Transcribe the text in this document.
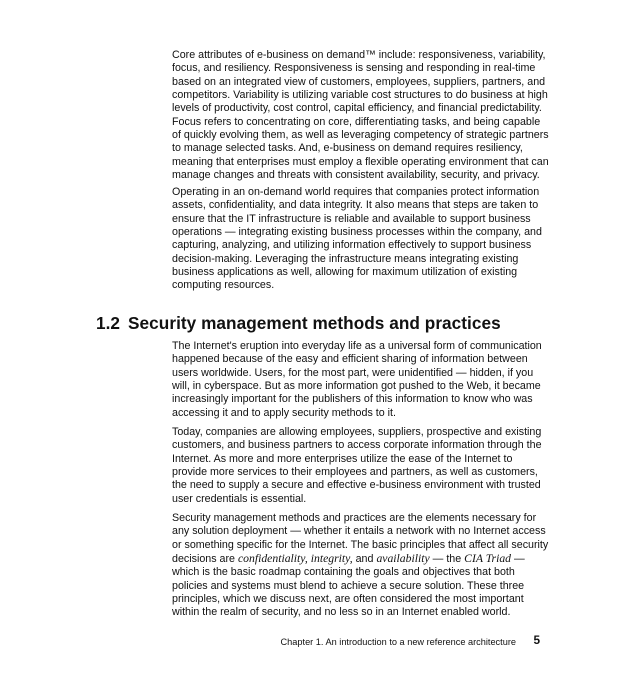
Core attributes of e-business on demand™ include: responsiveness, variability, focus, and resiliency. Responsiveness is sensing and responding in real-time based on an integrated view of customers, employees, suppliers, partners, and competitors. Variability is utilizing variable cost structures to do business at high levels of productivity, cost control, capital efficiency, and financial predictability. Focus refers to concentrating on core, differentiating tasks, and being capable of quickly evolving them, as well as leveraging competency of strategic partners to manage selected tasks. And, e-business on demand requires resiliency, meaning that enterprises must employ a flexible operating environment that can manage changes and threats with consistent availability, security, and privacy.

Operating in an on-demand world requires that companies protect information assets, confidentiality, and data integrity. It also means that steps are taken to ensure that the IT infrastructure is reliable and available to support business operations — integrating existing business processes within the company, and capturing, analyzing, and utilizing information effectively to support business decision-making. Leveraging the infrastructure means integrating existing business applications as well, allowing for maximum utilization of existing computing resources.

1.2 Security management methods and practices

The Internet's eruption into everyday life as a universal form of communication happened because of the easy and efficient sharing of information between users worldwide. Users, for the most part, were unidentified — hidden, if you will, in cyberspace. But as more information got pushed to the Web, it became increasingly important for the publishers of this information to know who was accessing it and to apply security methods to it.

Today, companies are allowing employees, suppliers, prospective and existing customers, and business partners to access corporate information through the Internet. As more and more enterprises utilize the ease of the Internet to provide more services to their employees and partners, as well as customers, the need to supply a secure and effective e-business environment with trusted user credentials is essential.

Security management methods and practices are the elements necessary for any solution deployment — whether it entails a network with no Internet access or something specific for the Internet. The basic principles that affect all security decisions are confidentiality, integrity, and availability — the CIA Triad — which is the basic roadmap containing the goals and objectives that both policies and systems must blend to achieve a secure solution. These three principles, which we discuss next, are often considered the most important within the realm of security, and no less so in an Internet enabled world.

Chapter 1. An introduction to a new reference architecture 5
